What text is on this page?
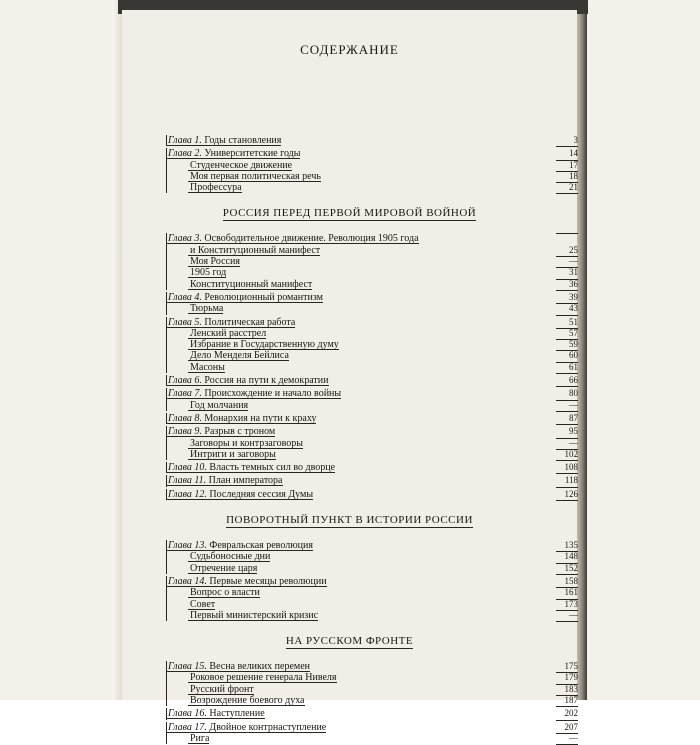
СОДЕРЖАНИЕ
Глава 1. Годы становления	3
Глава 2. Университетские годы	14
Студенческое движение	17
Моя первая политическая речь	18
Профессура	21
РОССИЯ ПЕРЕД ПЕРВОЙ МИРОВОЙ ВОЙНОЙ
Глава 3. Освободительное движение. Революция 1905 года
и Конституционный манифест	25
Моя Россия	—
1905 год	31
Конституционный манифест	36
Глава 4. Революционный романтизм	39
Тюрьма	43
Глава 5. Политическая работа	51
Ленский расстрел	57
Избрание в Государственную думу	59
Дело Менделя Бейлиса	60
Масоны	61
Глава 6. Россия на пути к демократии	66
Глава 7. Происхождение и начало войны	80
Год молчания	—
Глава 8. Монархия на пути к краху	87
Глава 9. Разрыв с троном	95
Заговоры и контрзаговоры	—
Интриги и заговоры	102
Глава 10. Власть темных сил во дворце	108
Глава 11. План императора	118
Глава 12. Последняя сессия Думы	126
ПОВОРОТНЫЙ ПУНКТ В ИСТОРИИ РОССИИ
Глава 13. Февральская революция	135
Судьбоносные дни	148
Отречение царя	152
Глава 14. Первые месяцы революции	158
Вопрос о власти	161
Совет	173
Первый министерский кризис	—
НА РУССКОМ ФРОНТЕ
Глава 15. Весна великих перемен	175
Роковое решение генерала Нивеля	179
Русский фронт	183
Возрождение боевого духа	187
Глава 16. Наступление	202
Глава 17. Двойное контрнаступление	207
Рига	—
